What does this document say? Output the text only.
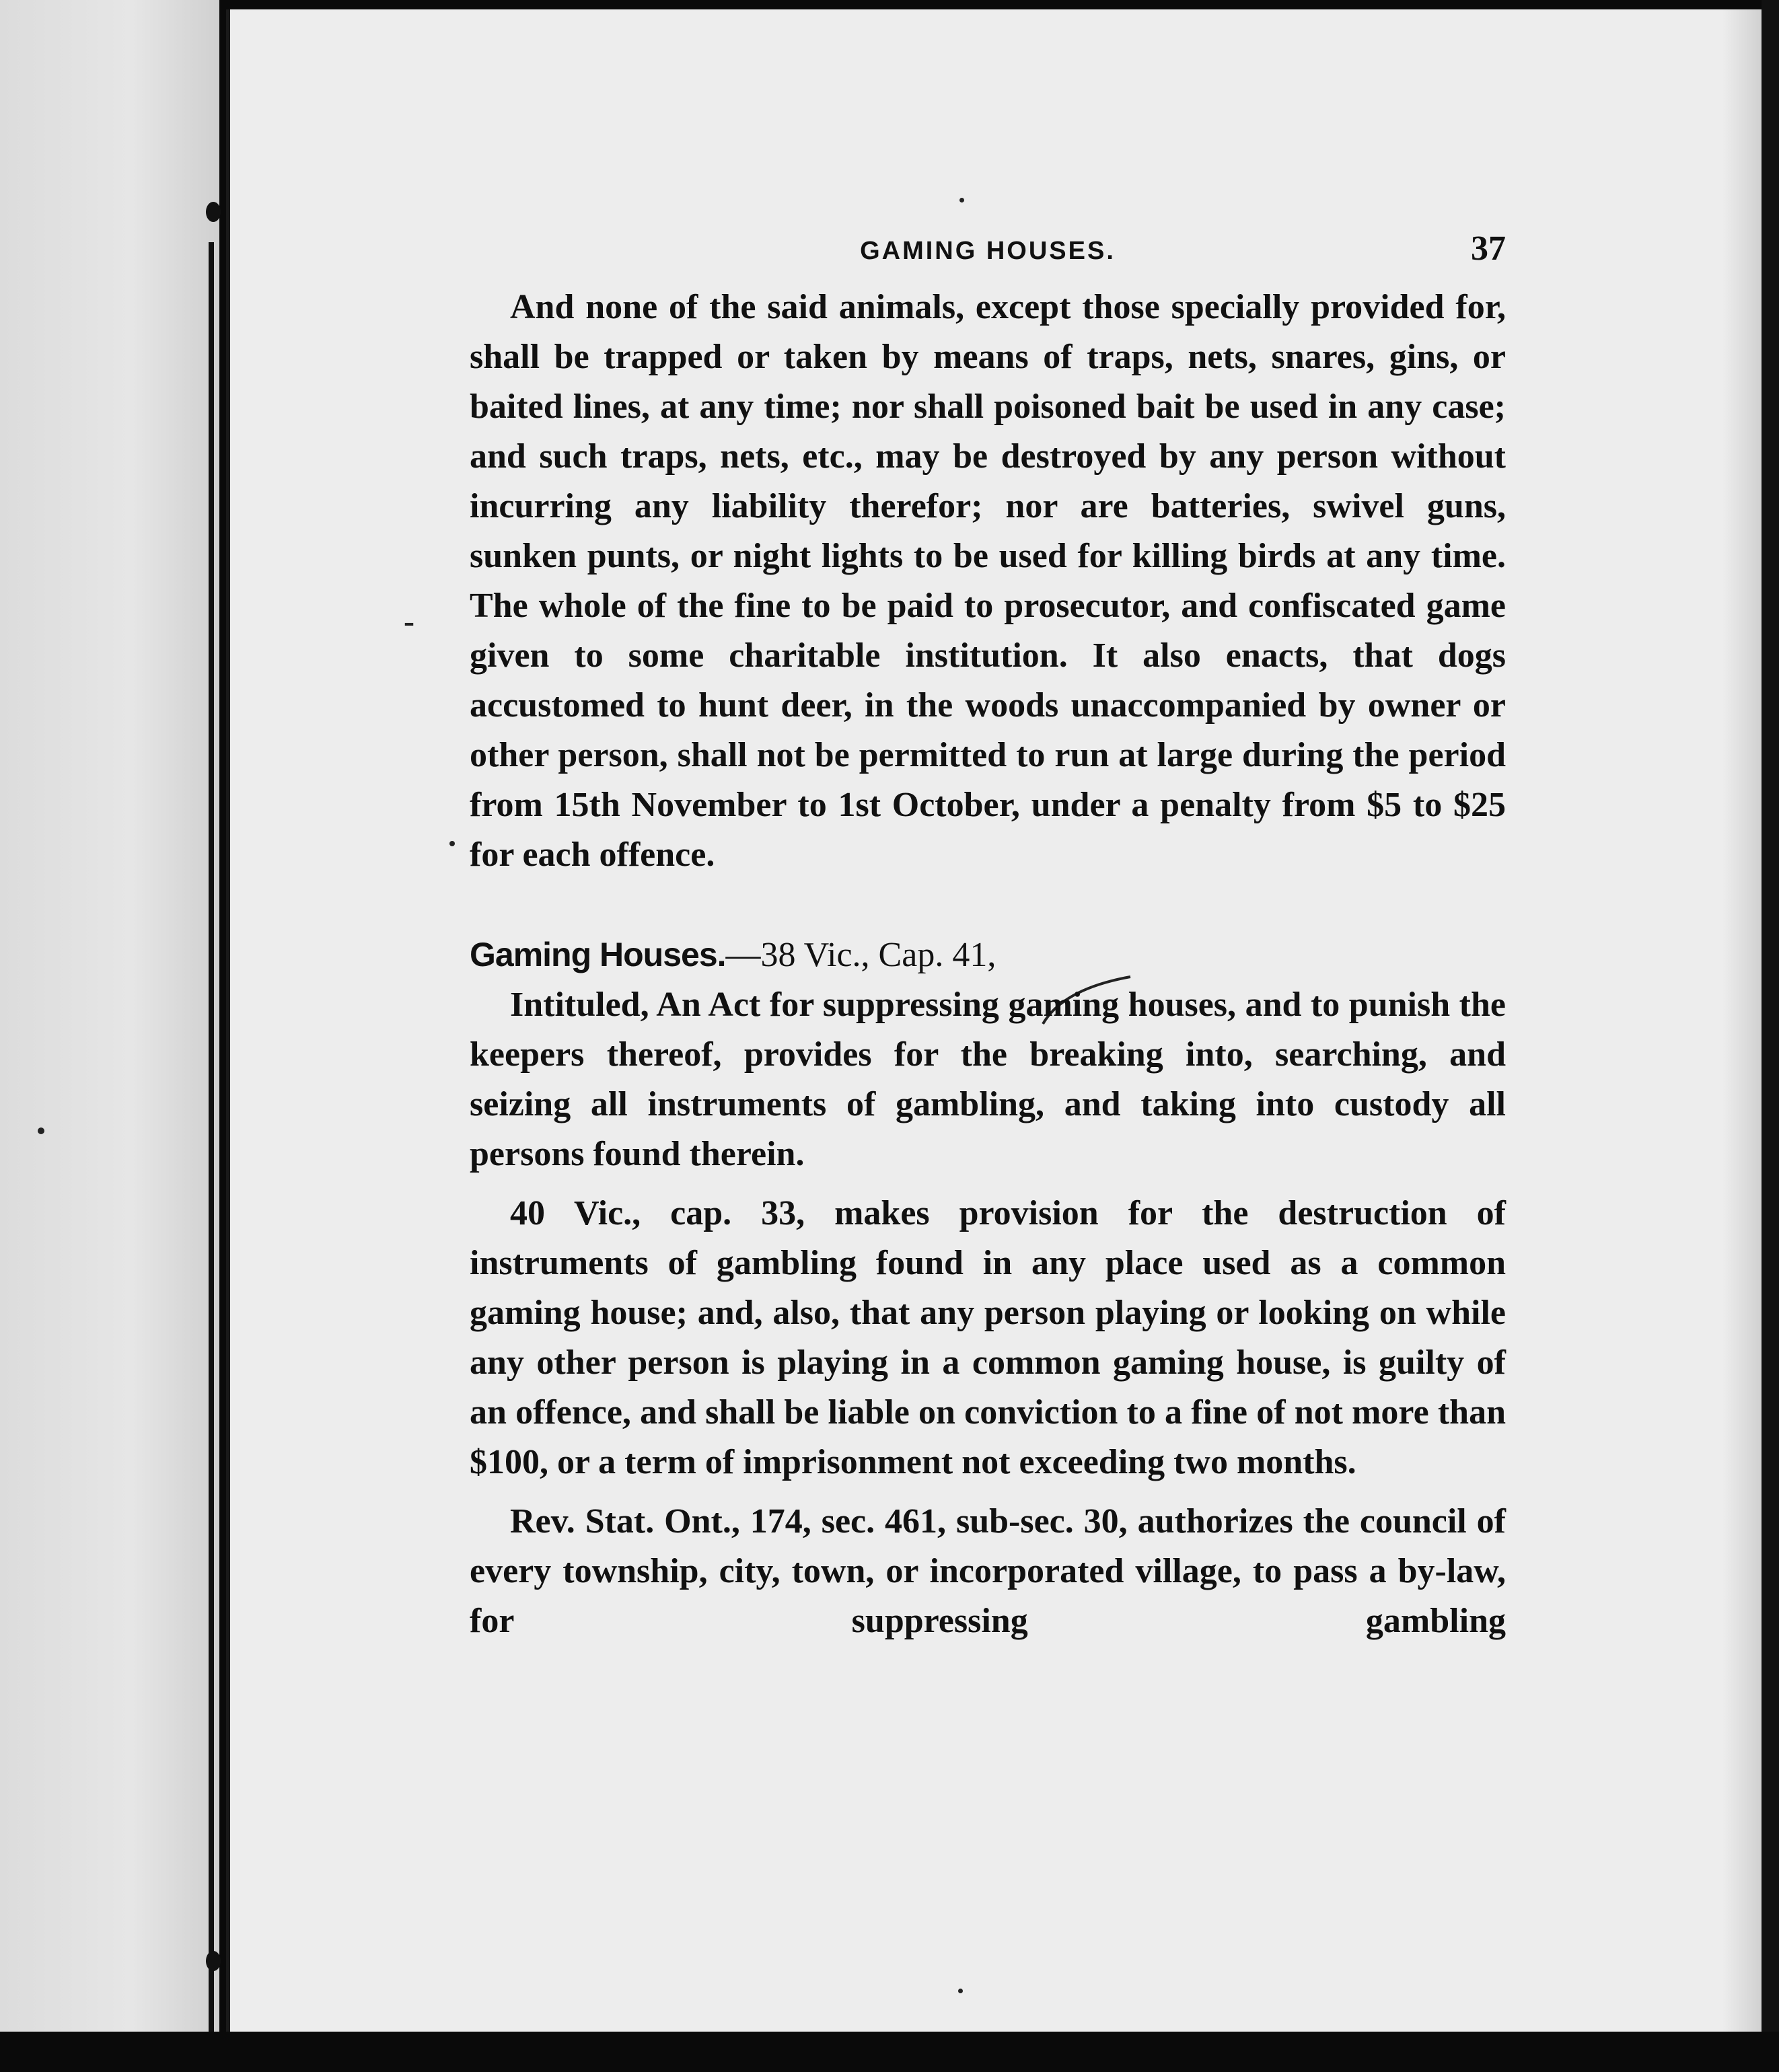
-
GAMING HOUSES.	37

And none of the said animals, except those specially provided for, shall be trapped or taken by means of traps, nets, snares, gins, or baited lines, at any time; nor shall poisoned bait be used in any case; and such traps, nets, etc., may be destroyed by any person without incurring any liability therefor; nor are batteries, swivel guns, sunken punts, or night lights to be used for killing birds at any time. The whole of the fine to be paid to prosecutor, and confiscated game given to some charitable institution. It also enacts, that dogs accustomed to hunt deer, in the woods unaccompanied by owner or other person, shall not be permitted to run at large during the period from 15th November to 1st October, under a penalty from $5 to $25 for each offence.

Gaming Houses.—38 Vic., Cap. 41,

Intituled, An Act for suppressing gaming houses, and to punish the keepers thereof, provides for the breaking into, searching, and seizing all instruments of gambling, and taking into custody all persons found therein.

40 Vic., cap. 33, makes provision for the destruction of instruments of gambling found in any place used as a common gaming house; and, also, that any person playing or looking on while any other person is playing in a common gaming house, is guilty of an offence, and shall be liable on conviction to a fine of not more than $100, or a term of imprisonment not exceeding two months.

Rev. Stat. Ont., 174, sec. 461, sub-sec. 30, authorizes the council of every township, city, town, or incorporated village, to pass a by-law, for suppressing gambling
